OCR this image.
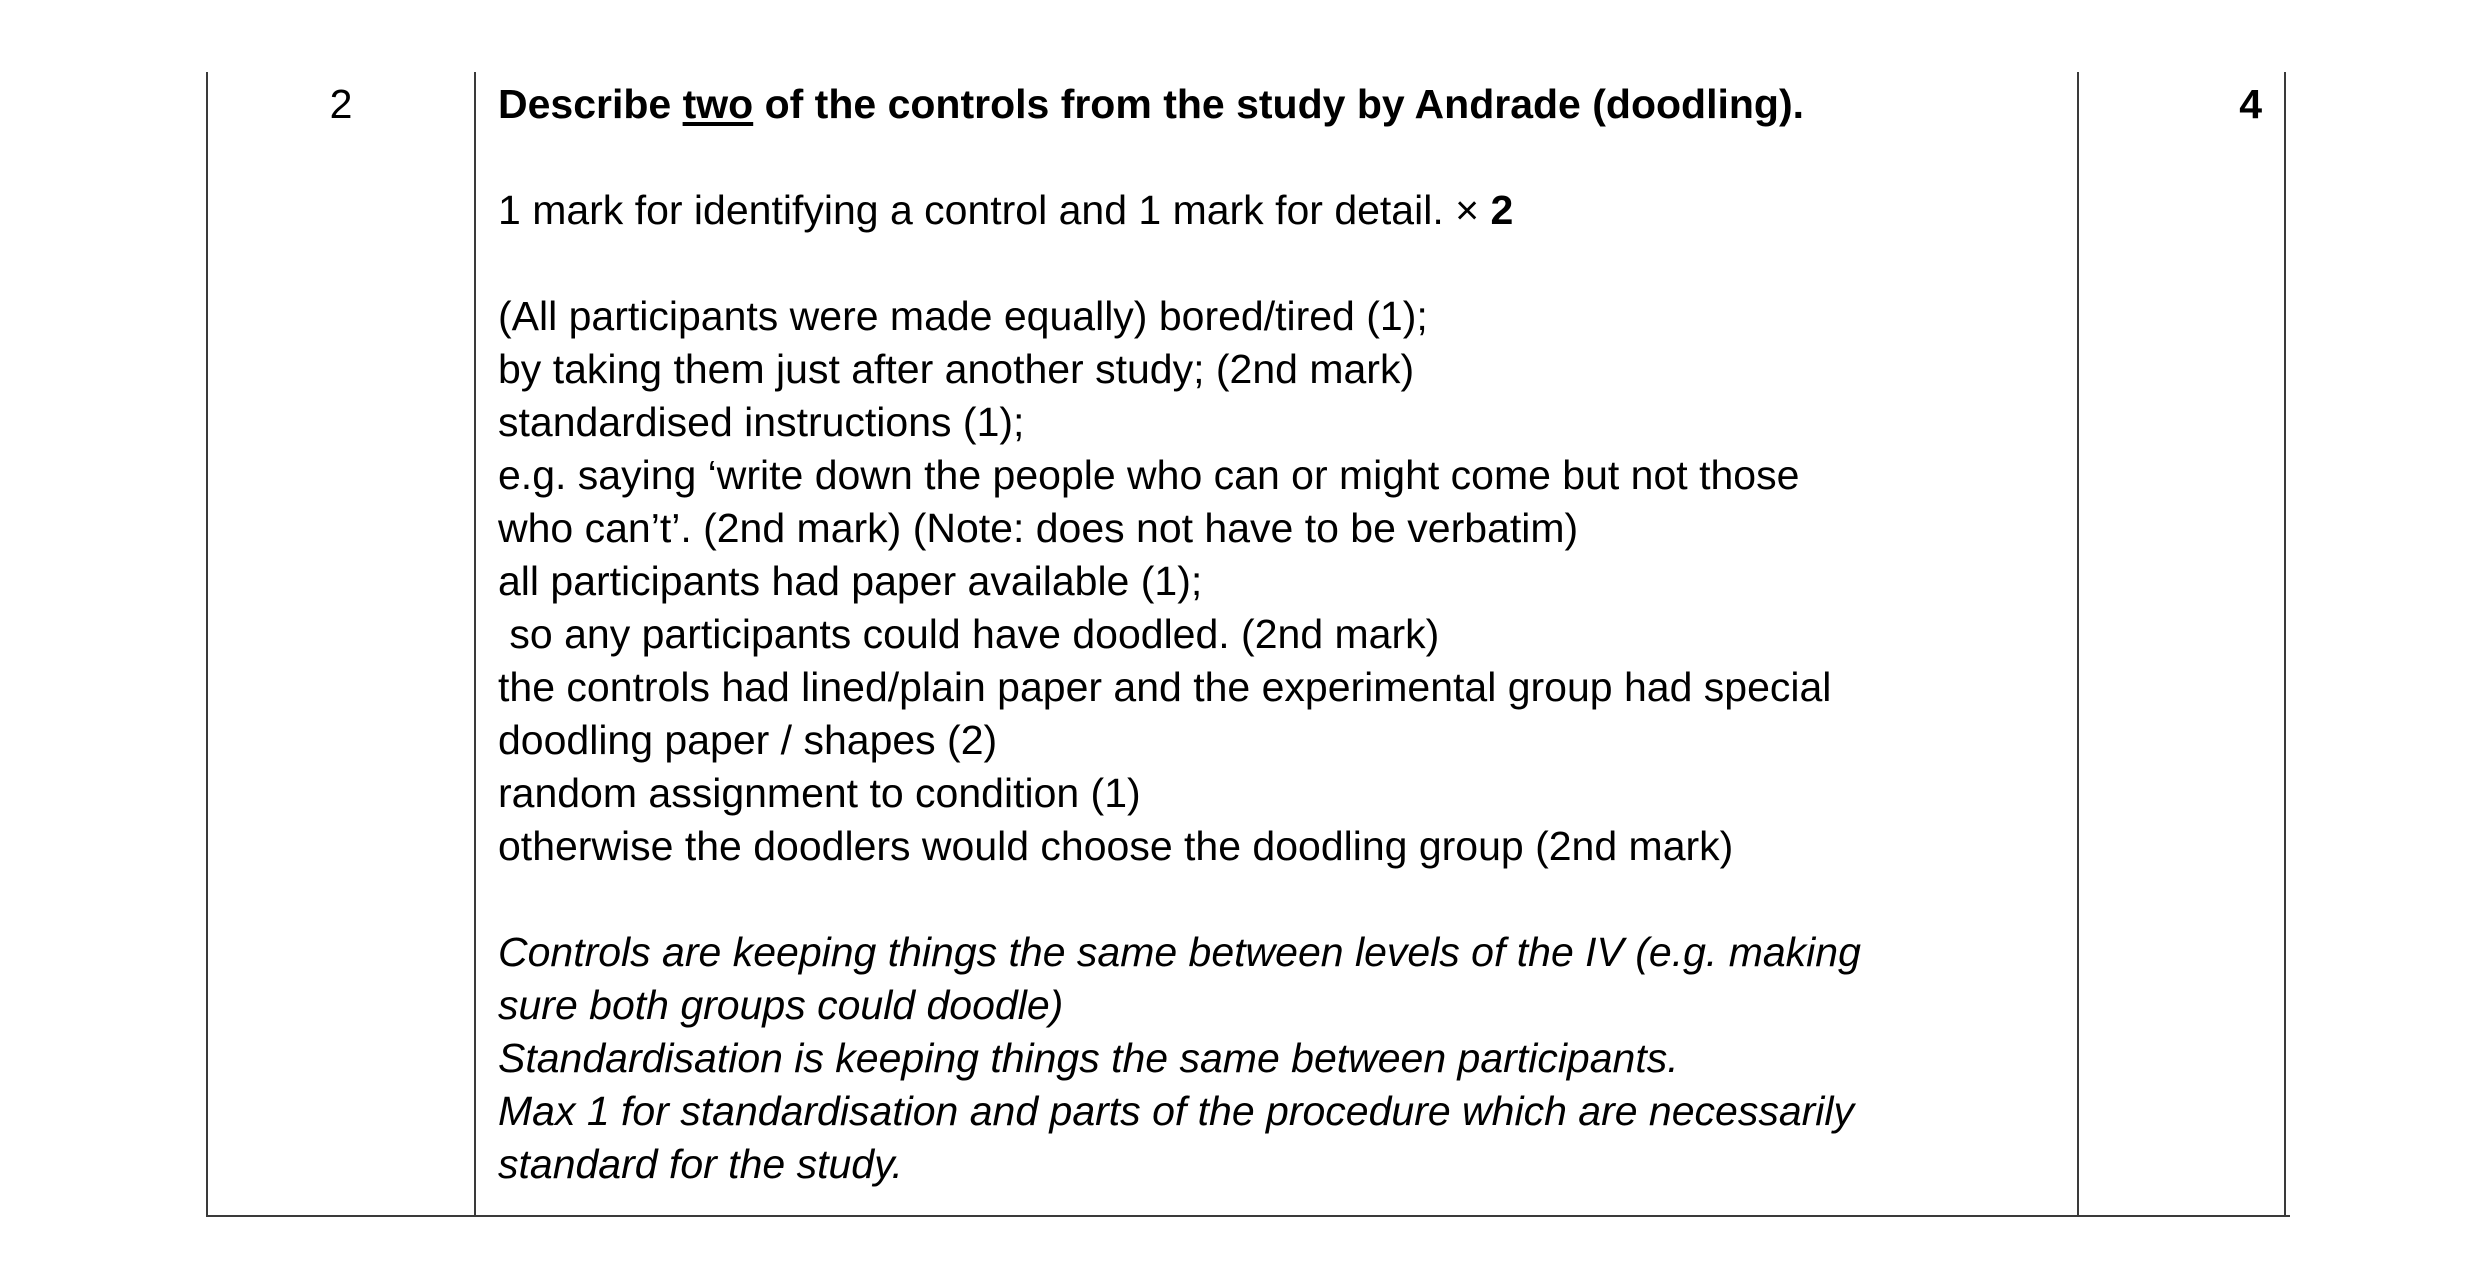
2	4

Describe two of the controls from the study by Andrade (doodling).

1 mark for identifying a control and 1 mark for detail. × 2

(All participants were made equally) bored/tired (1);

by taking them just after another study; (2nd mark)

standardised instructions (1);

e.g. saying ‘write down the people who can or might come but not those

who can’t’. (2nd mark) (Note: does not have to be verbatim)

all participants had paper available (1);

so any participants could have doodled. (2nd mark)

the controls had lined/plain paper and the experimental group had special

doodling paper / shapes (2)

random assignment to condition (1)

otherwise the doodlers would choose the doodling group (2nd mark)

Controls are keeping things the same between levels of the IV (e.g. making

sure both groups could doodle)

Standardisation is keeping things the same between participants.

Max 1 for standardisation and parts of the procedure which are necessarily

standard for the study.
